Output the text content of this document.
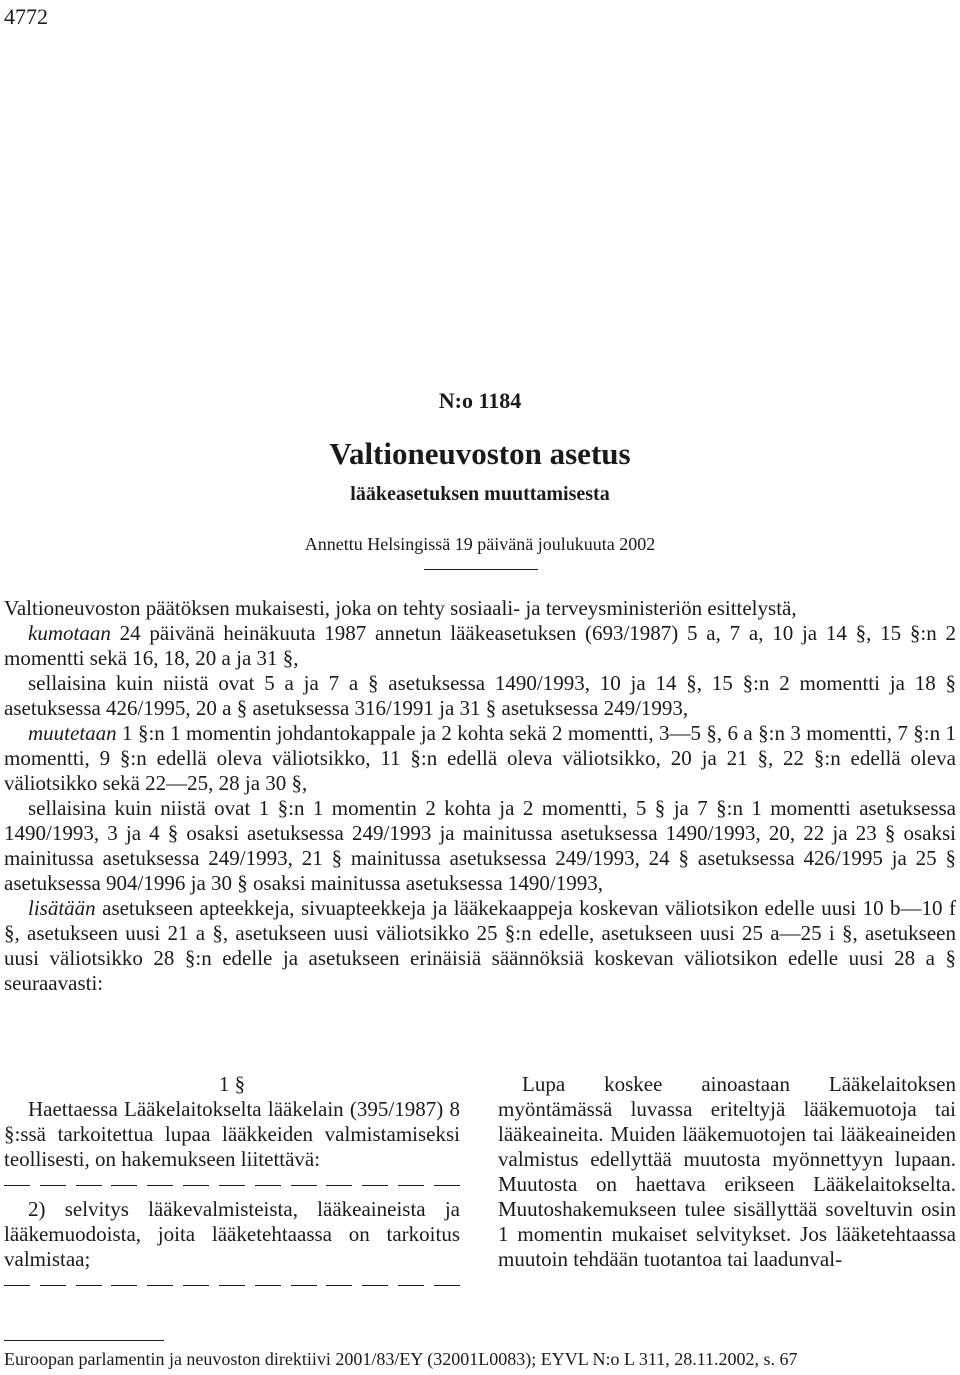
4772
N:o 1184
Valtioneuvoston asetus
lääkeasetuksen muuttamisesta
Annettu Helsingissä 19 päivänä joulukuuta 2002

Valtioneuvoston päätöksen mukaisesti, joka on tehty sosiaali- ja terveysministeriön esittelystä,

kumotaan 24 päivänä heinäkuuta 1987 annetun lääkeasetuksen (693/1987) 5 a, 7 a, 10 ja 14 §, 15 §:n 2 momentti sekä 16, 18, 20 a ja 31 §,

sellaisina kuin niistä ovat 5 a ja 7 a § asetuksessa 1490/1993, 10 ja 14 §, 15 §:n 2 momentti ja 18 § asetuksessa 426/1995, 20 a § asetuksessa 316/1991 ja 31 § asetuksessa 249/1993,

muutetaan 1 §:n 1 momentin johdantokappale ja 2 kohta sekä 2 momentti, 3—5 §, 6 a §:n 3 momentti, 7 §:n 1 momentti, 9 §:n edellä oleva väliotsikko, 11 §:n edellä oleva väliotsikko, 20 ja 21 §, 22 §:n edellä oleva väliotsikko sekä 22—25, 28 ja 30 §,

sellaisina kuin niistä ovat 1 §:n 1 momentin 2 kohta ja 2 momentti, 5 § ja 7 §:n 1 momentti asetuksessa 1490/1993, 3 ja 4 § osaksi asetuksessa 249/1993 ja mainitussa asetuksessa 1490/1993, 20, 22 ja 23 § osaksi mainitussa asetuksessa 249/1993, 21 § mainitussa asetuksessa 249/1993, 24 § asetuksessa 426/1995 ja 25 § asetuksessa 904/1996 ja 30 § osaksi mainitussa asetuksessa 1490/1993,

lisätään asetukseen apteekkeja, sivuapteekkeja ja lääkekaappeja koskevan väliotsikon edelle uusi 10 b—10 f §, asetukseen uusi 21 a §, asetukseen uusi väliotsikko 25 §:n edelle, asetukseen uusi 25 a—25 i §, asetukseen uusi väliotsikko 28 §:n edelle ja asetukseen erinäisiä säännöksiä koskevan väliotsikon edelle uusi 28 a § seuraavasti:

1 §

Haettaessa Lääkelaitokselta lääkelain (395/1987) 8 §:ssä tarkoitettua lupaa lääkkeiden valmistamiseksi teollisesti, on hakemukseen liitettävä:

2) selvitys lääkevalmisteista, lääkeaineista ja lääkemuodoista, joita lääketehtaassa on tarkoitus valmistaa;

Lupa koskee ainoastaan Lääkelaitoksen myöntämässä luvassa eriteltyjä lääkemuotoja tai lääkeaineita. Muiden lääkemuotojen tai lääkeaineiden valmistus edellyttää muutosta myönnettyyn lupaan. Muutosta on haettava erikseen Lääkelaitokselta. Muutoshakemukseen tulee sisällyttää soveltuvin osin 1 momentin mukaiset selvitykset. Jos lääketehtaassa muutoin tehdään tuotantoa tai laadunval-

Euroopan parlamentin ja neuvoston direktiivi 2001/83/EY (32001L0083); EYVL N:o L 311, 28.11.2002, s. 67
